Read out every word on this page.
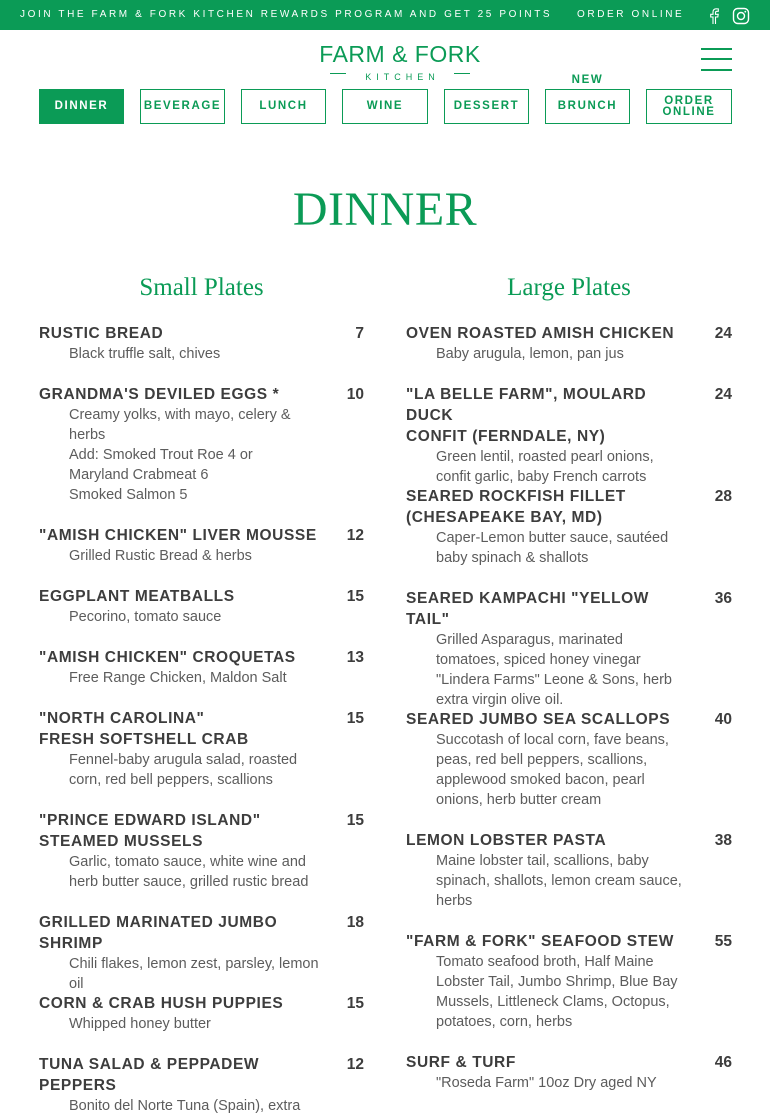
JOIN THE FARM & FORK KITCHEN REWARDS PROGRAM AND GET 25 POINTS ORDER ONLINE
FARM & FORK
KITCHEN
DINNER	BEVERAGE	LUNCH	WINE	DESSERT
NEW
BRUNCH	ORDER ONLINE
DINNER
Small Plates	Large Plates
RUSTIC BREAD	7
Black truffle salt, chives
GRANDMA'S DEVILED EGGS *	10
Creamy yolks, with mayo, celery &
herbs
Add: Smoked Trout Roe 4 or
Maryland Crabmeat 6
Smoked Salmon 5
"AMISH CHICKEN" LIVER MOUSSE	12
Grilled Rustic Bread & herbs
EGGPLANT MEATBALLS	15
Pecorino, tomato sauce
"AMISH CHICKEN" CROQUETAS	13
Free Range Chicken, Maldon Salt
"NORTH CAROLINA"
FRESH SOFTSHELL CRAB
15
Fennel-baby arugula salad, roasted
corn, red bell peppers, scallions
"PRINCE EDWARD ISLAND"
STEAMED MUSSELS
15
Garlic, tomato sauce, white wine and
herb butter sauce, grilled rustic bread
GRILLED MARINATED JUMBO SHRIMP
18
Chili flakes, lemon zest, parsley, lemon
oil
CORN & CRAB HUSH PUPPIES	15
Whipped honey butter
TUNA SALAD & PEPPADEW PEPPERS
12
Bonito del Norte Tuna (Spain), extra
OVEN ROASTED AMISH CHICKEN	24
Baby arugula, lemon, pan jus
"LA BELLE FARM", MOULARD DUCK
CONFIT (FERNDALE, NY)
24
Green lentil, roasted pearl onions,
confit garlic, baby French carrots
SEARED ROCKFISH FILLET
(CHESAPEAKE BAY, MD)
28
Caper-Lemon butter sauce, sautéed
baby spinach & shallots
SEARED KAMPACHI "YELLOW TAIL"
36
Grilled Asparagus, marinated
tomatoes, spiced honey vinegar
"Lindera Farms" Leone & Sons, herb
extra virgin olive oil.
SEARED JUMBO SEA SCALLOPS	40
Succotash of local corn, fave beans,
peas, red bell peppers, scallions,
applewood smoked bacon, pearl
onions, herb butter cream
LEMON LOBSTER PASTA	38
Maine lobster tail, scallions, baby
spinach, shallots, lemon cream sauce,
herbs
"FARM & FORK" SEAFOOD STEW	55
Tomato seafood broth, Half Maine
Lobster Tail, Jumbo Shrimp, Blue Bay
Mussels, Littleneck Clams, Octopus,
potatoes, corn, herbs
SURF & TURF	46
"Roseda Farm" 10oz Dry aged NY
